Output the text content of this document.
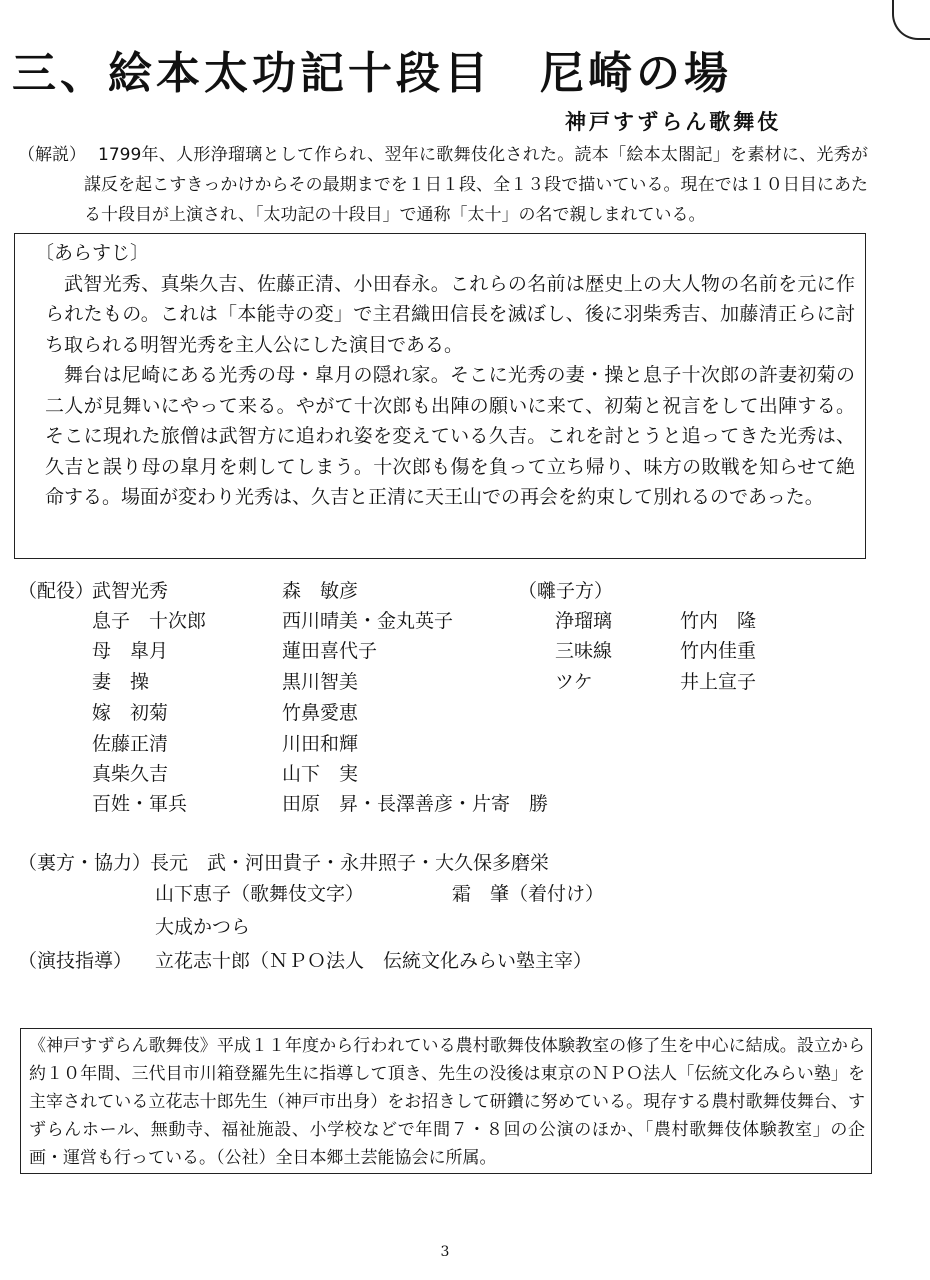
三、絵本太功記十段目　尼崎の場
神戸すずらん歌舞伎
（解説） 1799年、人形浄瑠璃として作られ、翌年に歌舞伎化された。読本「絵本太閤記」を素材に、光秀が謀反を起こすきっかけからその最期までを１日１段、全１３段で描いている。現在では１０日目にあたる十段目が上演され、「太功記の十段目」で通称「太十」の名で親しまれている。
〔あらすじ〕

武智光秀、真柴久吉、佐藤正清、小田春永。これらの名前は歴史上の大人物の名前を元に作られたもの。これは「本能寺の変」で主君織田信長を滅ぼし、後に羽柴秀吉、加藤清正らに討ち取られる明智光秀を主人公にした演目である。

舞台は尼崎にある光秀の母・皐月の隠れ家。そこに光秀の妻・操と息子十次郎の許妻初菊の二人が見舞いにやって来る。やがて十次郎も出陣の願いに来て、初菊と祝言をして出陣する。そこに現れた旅僧は武智方に追われ姿を変えている久吉。これを討とうと追ってきた光秀は、久吉と誤り母の皐月を刺してしまう。十次郎も傷を負って立ち帰り、味方の敗戦を知らせて絶命する。場面が変わり光秀は、久吉と正清に天王山での再会を約束して別れるのであった。

（配役）
武智光秀	森　敏彦
息子　十次郎	西川晴美・金丸英子
母　皐月	蓮田喜代子
妻　操	黒川智美
嫁　初菊	竹鼻愛恵
佐藤正清	川田和輝
真柴久吉	山下　実
百姓・軍兵	田原　昇・長澤善彦・片寄　勝
（囃子方）
浄瑠璃	竹内　隆
三味線	竹内佳重
ツケ	井上宣子
（裏方・協力）
長元　武・河田貴子・永井照子・大久保多磨栄
山下恵子（歌舞伎文字）	霜　肇（着付け）
大成かつら
（演技指導） 立花志十郎（ＮＰＯ法人　伝統文化みらい塾主宰）
《神戸すずらん歌舞伎》平成１１年度から行われている農村歌舞伎体験教室の修了生を中心に結成。設立から約１０年間、三代目市川箱登羅先生に指導して頂き、先生の没後は東京のＮＰＯ法人「伝統文化みらい塾」を主宰されている立花志十郎先生（神戸市出身）をお招きして研鑽に努めている。現存する農村歌舞伎舞台、すずらんホール、無動寺、福祉施設、小学校などで年間７・８回の公演のほか、「農村歌舞伎体験教室」の企画・運営も行っている。（公社）全日本郷土芸能協会に所属。
3
